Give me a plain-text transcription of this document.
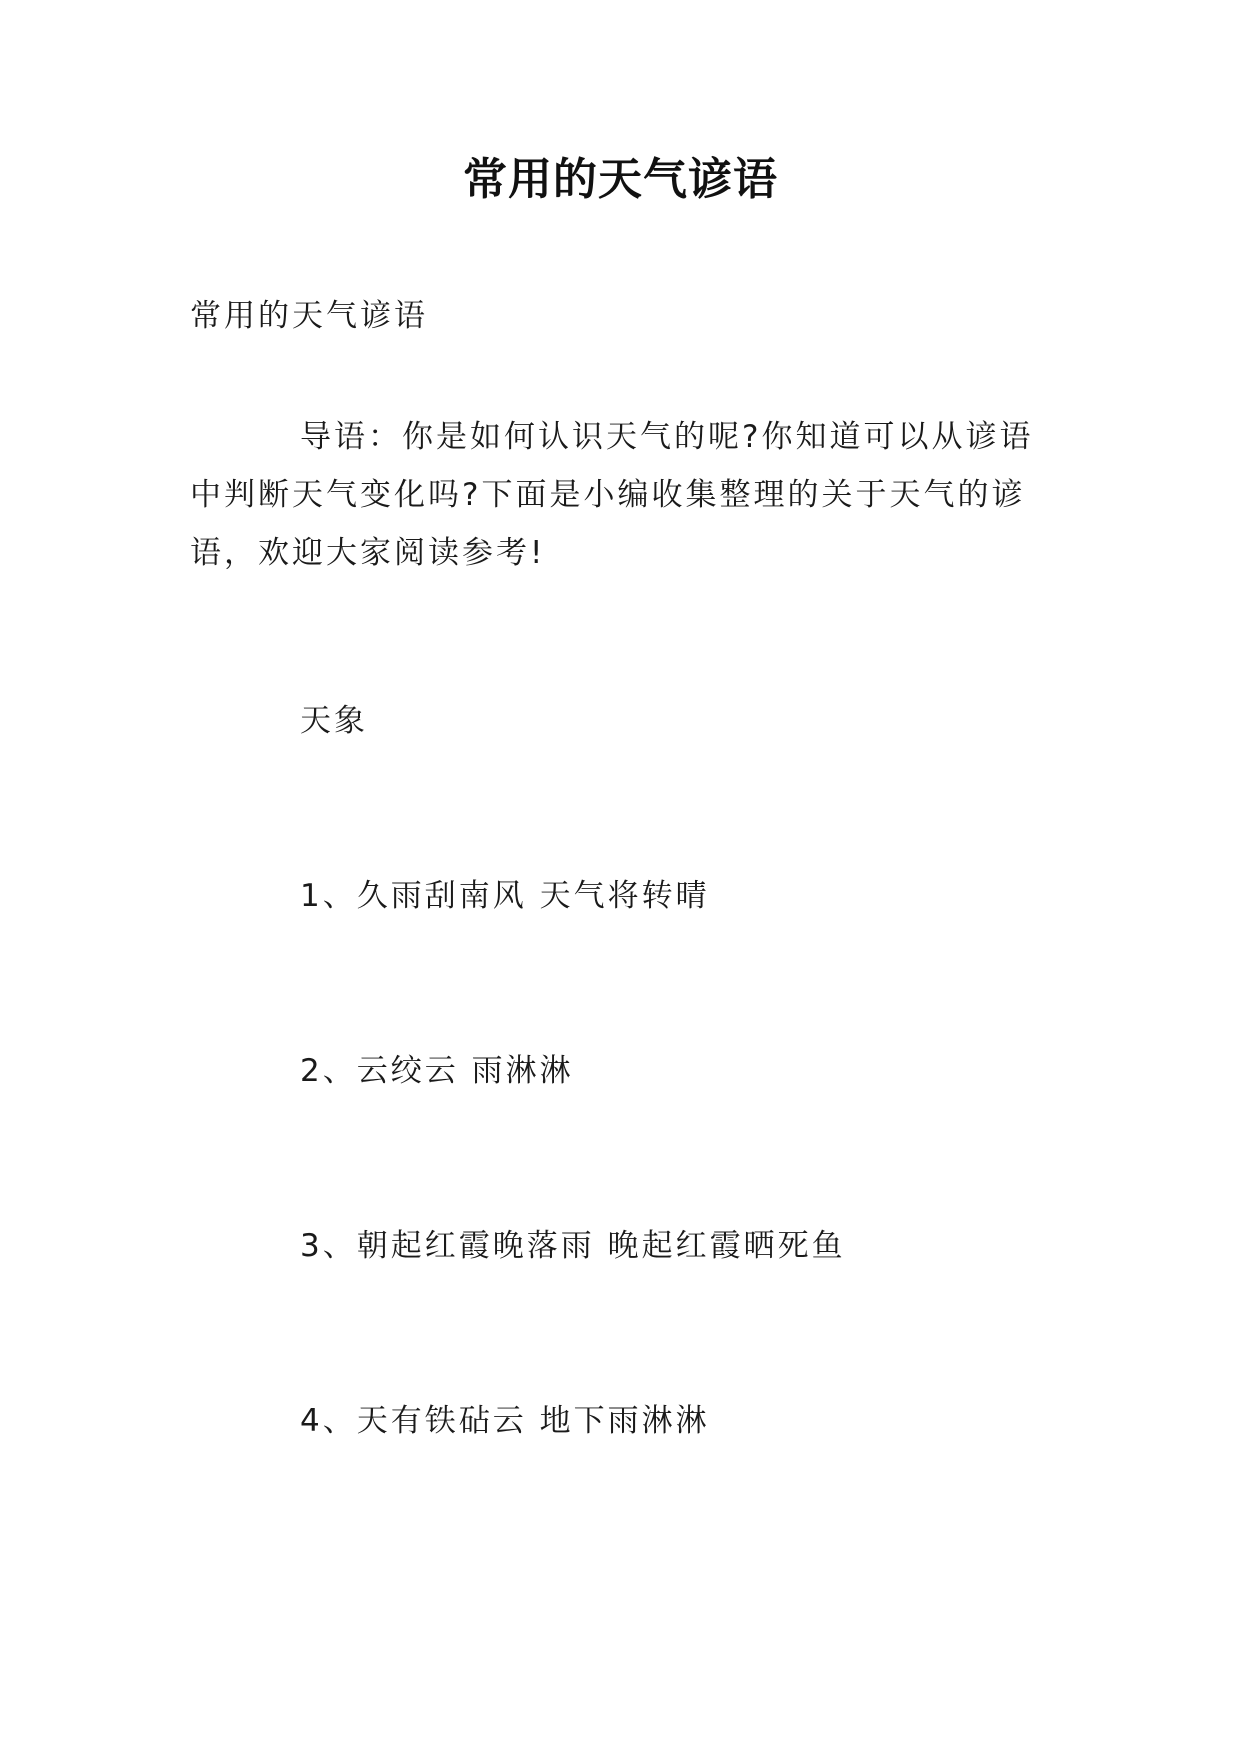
常用的天气谚语
常用的天气谚语
导语：你是如何认识天气的呢?你知道可以从谚语中判断天气变化吗?下面是小编收集整理的关于天气的谚语，欢迎大家阅读参考!
天象
1、久雨刮南风 天气将转晴
2、云绞云 雨淋淋
3、朝起红霞晚落雨 晚起红霞晒死鱼
4、天有铁砧云 地下雨淋淋
